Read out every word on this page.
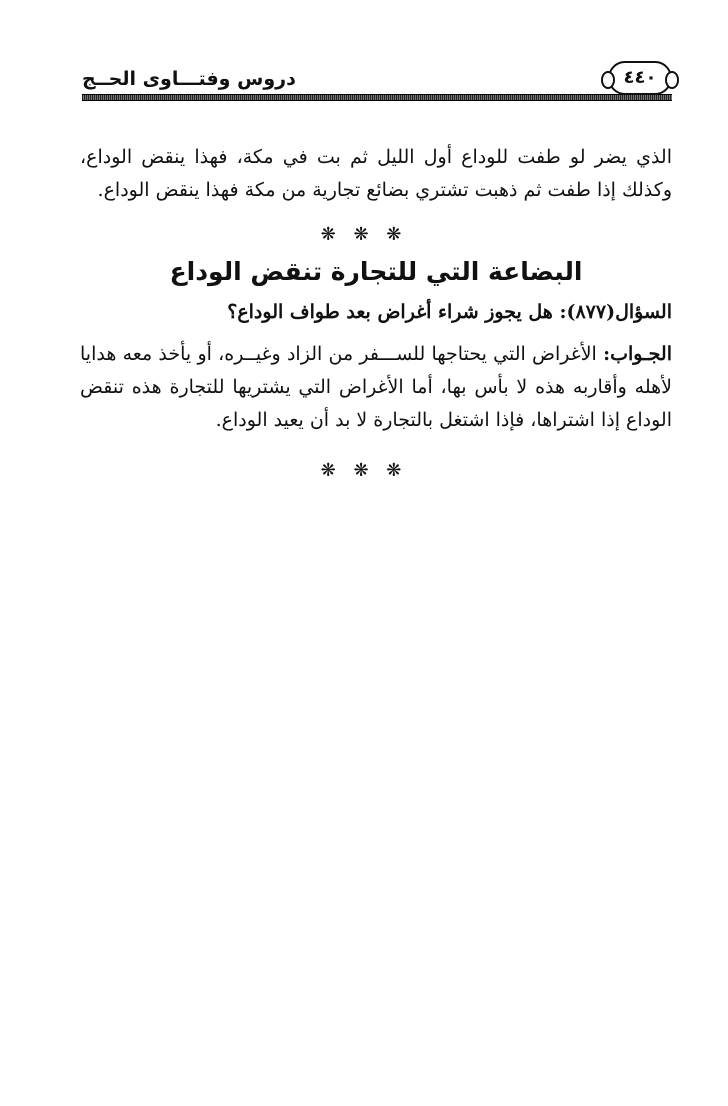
دروس وفتـــاوى الحــج	٤٤٠
الذي يضر لو طفت للوداع أول الليل ثم بت في مكة، فهذا ينقض الوداع، وكذلك إذا طفت ثم ذهبت تشتري بضائع تجارية من مكة فهذا ينقض الوداع.
❋ ❋ ❋
البضاعة التي للتجارة تنقض الوداع
السؤال(٨٧٧): هل يجوز شراء أغراض بعد طواف الوداع؟
الجـواب: الأغراض التي يحتاجها للســـفر من الزاد وغيــره، أو يأخذ معه هدايا لأهله وأقاربه هذه لا بأس بها، أما الأغراض التي يشتريها للتجارة هذه تنقض الوداع إذا اشتراها، فإذا اشتغل بالتجارة لا بد أن يعيد الوداع.
❋ ❋ ❋
